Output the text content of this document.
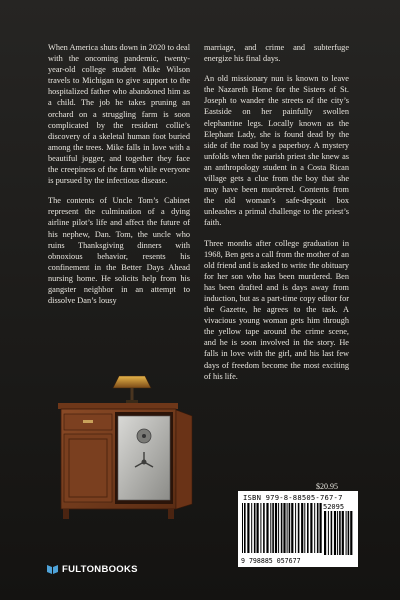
When America shuts down in 2020 to deal with the oncoming pandemic, twenty-year-old college student Mike Wilson travels to Michigan to give support to the hospitalized father who abandoned him as a child. The job he takes pruning an orchard on a struggling farm is soon complicated by the resident collie’s discovery of a skeletal human foot buried among the trees. Mike falls in love with a beautiful jogger, and together they face the creepiness of the farm while everyone is pursued by the infectious disease.

The contents of Uncle Tom’s Cabinet represent the culmination of a dying airline pilot’s life and affect the future of his nephew, Dan. Tom, the uncle who ruins Thanksgiving dinners with obnoxious behavior, resents his confinement in the Better Days Ahead nursing home. He solicits help from his gangster neighbor in an attempt to dissolve Dan’s lousy

marriage, and crime and subterfuge energize his final days.

An old missionary nun is known to leave the Nazareth Home for the Sisters of St. Joseph to wander the streets of the city’s Eastside on her painfully swollen elephantine legs. Locally known as the Elephant Lady, she is found dead by the side of the road by a paperboy. A mystery unfolds when the parish priest she knew as an anthropology student in a Costa Rican village gets a clue from the boy that she may have been murdered. Contents from the old woman’s safe-deposit box unleashes a primal challenge to the priest’s faith.

Three months after college graduation in 1968, Ben gets a call from the mother of an old friend and is asked to write the obituary for her son who has been murdered. Ben has been drafted and is days away from induction, but as a part-time copy editor for the Gazette, he agrees to the task. A vivacious young woman gets him through the yellow tape around the crime scene, and he is soon involved in the story. He falls in love with the girl, and his last few days of freedom become the most exciting of his life.

$20.95
ISBN 979-8-88505-767-7
52095
9 798885 057677
FULTONBOOKS
